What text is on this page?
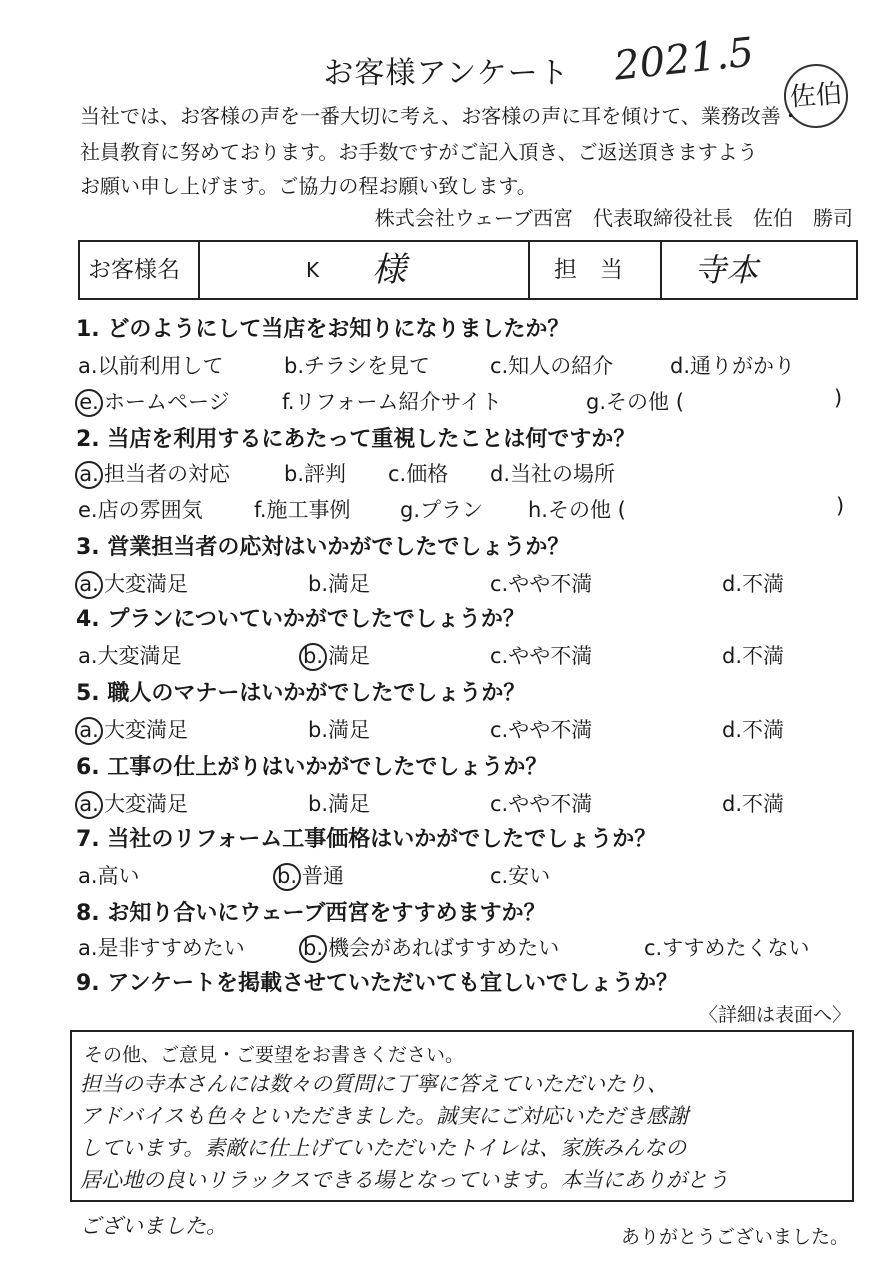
お客様アンケート	2021.5
佐伯
当社では、お客様の声を一番大切に考え、お客様の声に耳を傾けて、業務改善・
社員教育に努めております。お手数ですがご記入頂き、ご返送頂きますよう
お願い申し上げます。ご協力の程お願い致します。
株式会社ウェーブ西宮　代表取締役社長　佐伯　勝司
お客様名	K 様	担　当 寺本
1. どのようにして当店をお知りになりましたか？
a.以前利用して	b.チラシを見て	c.知人の紹介	d.通りがかり
e. ホームページ f.リフォーム紹介サイト	g.その他 (	)
2. 当店を利用するにあたって重視したことは何ですか？
a. 担当者の対応	b.評判 c.価格 d.当社の場所
e.店の雰囲気 f.施工事例 g.プラン h.その他 (	)
3. 営業担当者の応対はいかがでしたでしょうか？
a. 大変満足	b.満足	c.やや不満	d.不満
4. プランについていかがでしたでしょうか？
a.大変満足	b. 満足	c.やや不満	d.不満
5. 職人のマナーはいかがでしたでしょうか？
a. 大変満足	b.満足	c.やや不満	d.不満
6. 工事の仕上がりはいかがでしたでしょうか？
a. 大変満足	b.満足	c.やや不満	d.不満
7. 当社のリフォーム工事価格はいかがでしたでしょうか？
a.高い	b. 普通	c.安い
8. お知り合いにウェーブ西宮をすすめますか？
a.是非すすめたい	b. 機会があればすすめたい	c.すすめたくない
9. アンケートを掲載させていただいても宜しいでしょうか？
〈詳細は表面へ〉
その他、ご意見・ご要望をお書きください。
担当の寺本さんには数々の質問に丁寧に答えていただいたり、
アドバイスも色々といただきました。誠実にご対応いただき感謝
しています。素敵に仕上げていただいたトイレは、家族みんなの
居心地の良いリラックスできる場となっています。本当にありがとう
ございました。	ありがとうございました。
